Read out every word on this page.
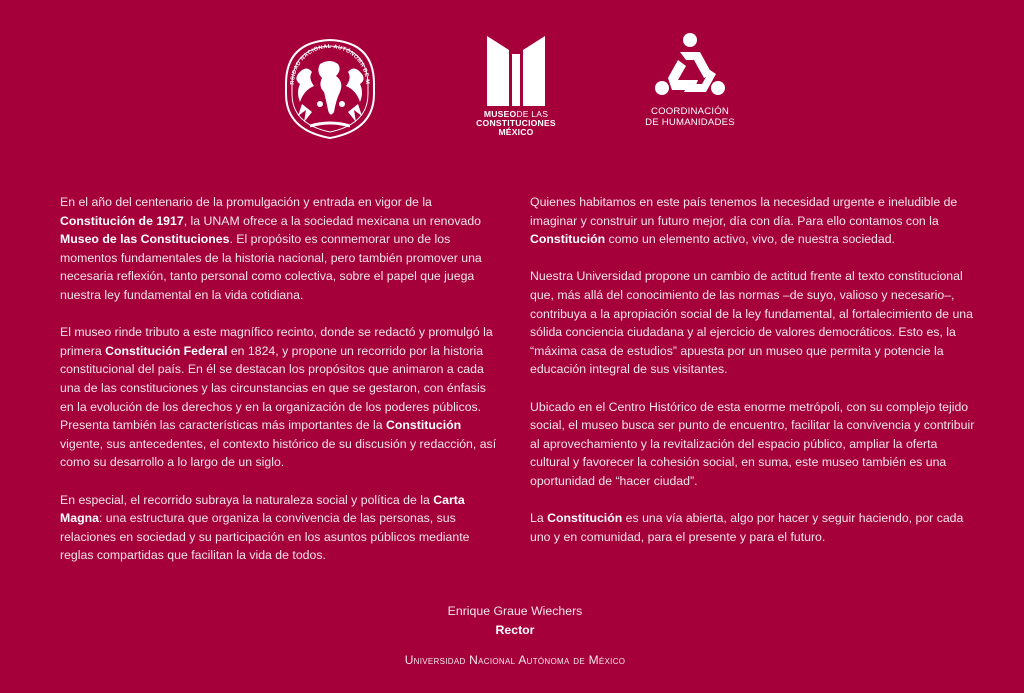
RSIDAD NACIONAL AUTÓNOMA DE M
MUSEODE LAS
CONSTITUCIONES
MÉXICO
COORDINACIÓN
DE HUMANIDADES

En el año del centenario de la promulgación y entrada en vigor de la Constitución de 1917, la UNAM ofrece a la sociedad mexicana un renovado Museo de las Constituciones. El propósito es conmemorar uno de los momentos fundamentales de la historia nacional, pero también promover una necesaria reflexión, tanto personal como colectiva, sobre el papel que juega nuestra ley fundamental en la vida cotidiana.

El museo rinde tributo a este magnífico recinto, donde se redactó y promulgó la primera Constitución Federal en 1824, y propone un recorrido por la historia constitucional del país. En él se destacan los propósitos que animaron a cada una de las constituciones y las circunstancias en que se gestaron, con énfasis en la evolución de los derechos y en la organización de los poderes públicos. Presenta también las características más importantes de la Constitución vigente, sus antecedentes, el contexto histórico de su discusión y redacción, así como su desarrollo a lo largo de un siglo.

En especial, el recorrido subraya la naturaleza social y política de la Carta Magna: una estructura que organiza la convivencia de las personas, sus relaciones en sociedad y su participación en los asuntos públicos mediante reglas compartidas que facilitan la vida de todos.

Quienes habitamos en este país tenemos la necesidad urgente e ineludible de imaginar y construir un futuro mejor, día con día. Para ello contamos con la Constitución como un elemento activo, vivo, de nuestra sociedad.

Nuestra Universidad propone un cambio de actitud frente al texto constitucional que, más allá del conocimiento de las normas –de suyo, valioso y necesario–, contribuya a la apropiación social de la ley fundamental, al fortalecimiento de una sólida conciencia ciudadana y al ejercicio de valores democráticos. Esto es, la “máxima casa de estudios” apuesta por un museo que permita y potencie la educación integral de sus visitantes.

Ubicado en el Centro Histórico de esta enorme metrópoli, con su complejo tejido social, el museo busca ser punto de encuentro, facilitar la convivencia y contribuir al aprovechamiento y la revitalización del espacio público, ampliar la oferta cultural y favorecer la cohesión social, en suma, este museo también es una oportunidad de “hacer ciudad”.

La Constitución es una vía abierta, algo por hacer y seguir haciendo, por cada uno y en comunidad, para el presente y para el futuro.

Enrique Graue Wiechers
Rector
Universidad Nacional Autónoma de México
